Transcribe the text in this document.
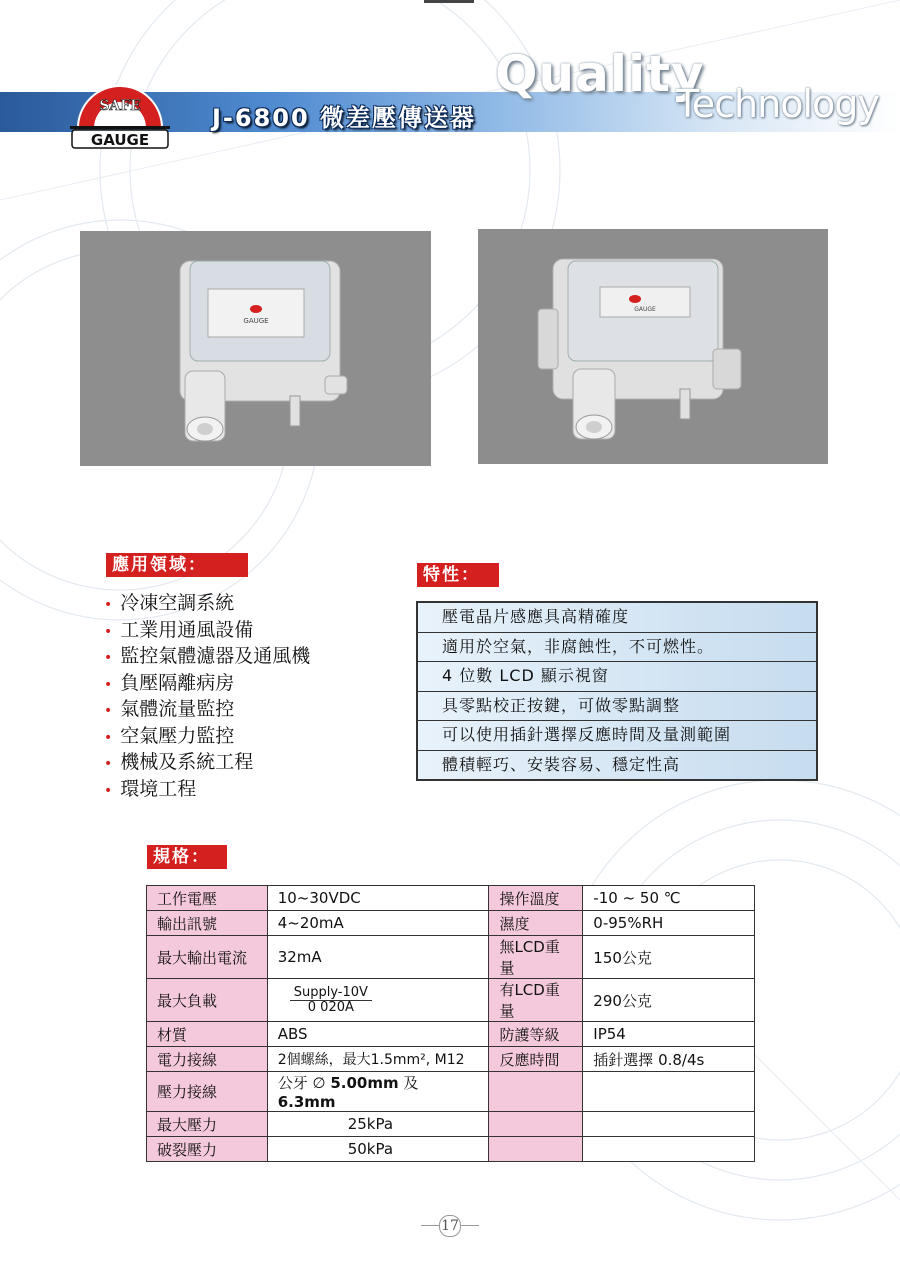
GAUGE
SAFE	J-6800 微差壓傳送器
Quality
Technology
GAUGE
GAUGE
應用領域：
• 冷凍空調系統
• 工業用通風設備
• 監控氣體濾器及通風機
• 負壓隔離病房
• 氣體流量監控
• 空氣壓力監控
• 機械及系統工程
• 環境工程
特性：
壓電晶片感應具高精確度
適用於空氣，非腐蝕性，不可燃性。
4 位數 LCD 顯示視窗
具零點校正按鍵，可做零點調整
可以使用插針選擇反應時間及量測範圍
體積輕巧、安裝容易、穩定性高
規格：
工作電壓	10~30VDC	操作溫度	-10 ~ 50 ℃
輸出訊號	4~20mA	濕度	0-95%RH
最大輸出電流	32mA	無LCD重量	150公克
最大負載	$\frac{\text{Supply-10V}}{0 020A}$	有LCD重量	290公克
材質	ABS	防護等級	IP54
電力接線	2個螺絲，最大1.5mm², M12	反應時間	插針選擇 0.8/4s
壓力接線	公牙 ∅ 5.00mm 及 6.3mm		
最大壓力	25kPa		
破裂壓力	50kPa		
17
